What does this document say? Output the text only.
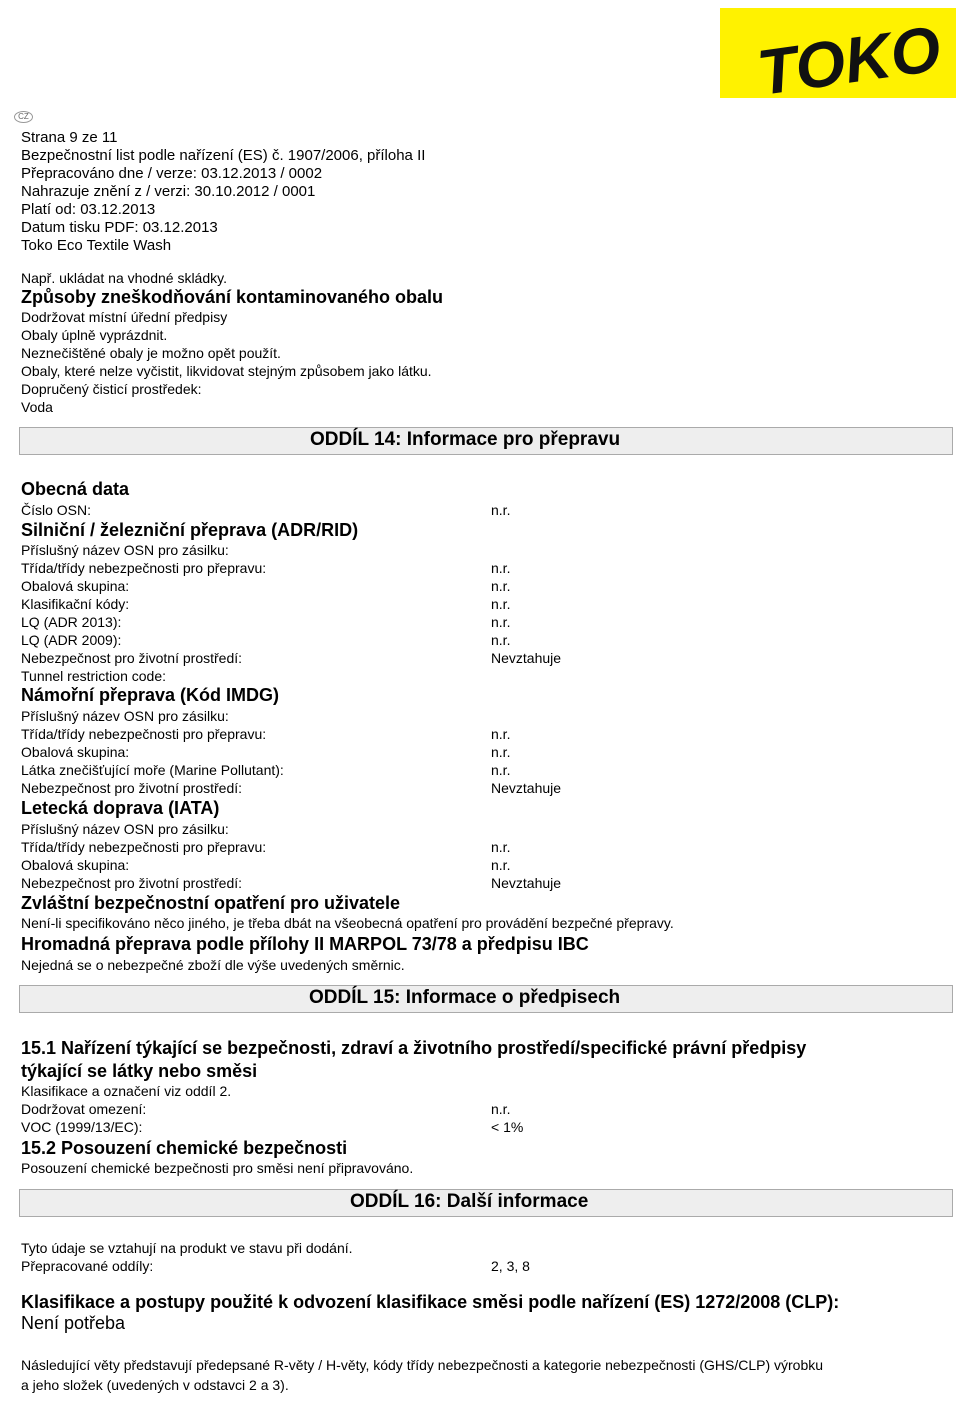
TOKO
CZ
Strana 9 ze 11
Bezpečnostní list podle nařízení (ES) č. 1907/2006, příloha II
Přepracováno dne / verze: 03.12.2013 / 0002
Nahrazuje znění z / verzi: 30.10.2012 / 0001
Platí od: 03.12.2013
Datum tisku PDF: 03.12.2013
Toko Eco Textile Wash
Např. ukládat na vhodné skládky.
Způsoby zneškodňování kontaminovaného obalu
Dodržovat místní úřední předpisy
Obaly úplně vyprázdnit.
Neznečištěné obaly je možno opět použít.
Obaly, které nelze vyčistit, likvidovat stejným způsobem jako látku.
Dopručený čisticí prostředek:
Voda
ODDÍL 14: Informace pro přepravu
Obecná data
Číslo OSN:	n.r.
Silniční / železniční přeprava (ADR/RID)
Příslušný název OSN pro zásilku:
Třída/třídy nebezpečnosti pro přepravu:	n.r.
Obalová skupina:	n.r.
Klasifikační kódy:	n.r.
LQ (ADR 2013):	n.r.
LQ (ADR 2009):	n.r.
Nebezpečnost pro životní prostředí:	Nevztahuje
Tunnel restriction code:
Námořní přeprava (Kód IMDG)
Příslušný název OSN pro zásilku:
Třída/třídy nebezpečnosti pro přepravu:	n.r.
Obalová skupina:	n.r.
Látka znečišťující moře (Marine Pollutant):	n.r.
Nebezpečnost pro životní prostředí:	Nevztahuje
Letecká doprava (IATA)
Příslušný název OSN pro zásilku:
Třída/třídy nebezpečnosti pro přepravu:	n.r.
Obalová skupina:	n.r.
Nebezpečnost pro životní prostředí:	Nevztahuje
Zvláštní bezpečnostní opatření pro uživatele
Není-li specifikováno něco jiného, je třeba dbát na všeobecná opatření pro provádění bezpečné přepravy.
Hromadná přeprava podle přílohy II MARPOL 73/78 a předpisu IBC
Nejedná se o nebezpečné zboží dle výše uvedených směrnic.
ODDÍL 15: Informace o předpisech
15.1 Nařízení týkající se bezpečnosti, zdraví a životního prostředí/specifické právní předpisy
týkající se látky nebo směsi
Klasifikace a označení viz oddíl 2.
Dodržovat omezení:	n.r.
VOC (1999/13/EC):	< 1%
15.2 Posouzení chemické bezpečnosti
Posouzení chemické bezpečnosti pro směsi není připravováno.
ODDÍL 16: Další informace
Tyto údaje se vztahují na produkt ve stavu při dodání.
Přepracované oddíly:	2, 3, 8
Klasifikace a postupy použité k odvození klasifikace směsi podle nařízení (ES) 1272/2008 (CLP):
Není potřeba
Následující věty představují předepsané R-věty / H-věty, kódy třídy nebezpečnosti a kategorie nebezpečnosti (GHS/CLP) výrobku
a jeho složek (uvedených v odstavci 2 a 3).
